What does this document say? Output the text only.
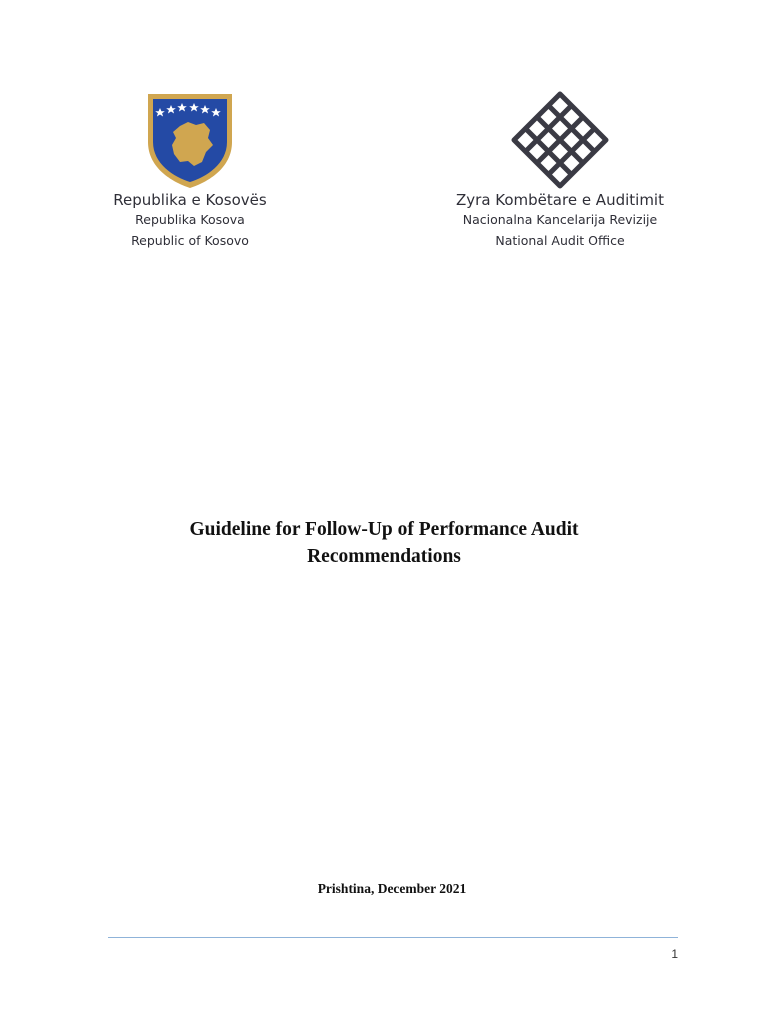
Republika e Kosovës
Republika Kosova
Republic of Kosovo
Zyra Kombëtare e Auditimit
Nacionalna Kancelarija Revizije
National Audit Office
Guideline for Follow-Up of Performance Audit
Recommendations
Prishtina, December 2021
1
